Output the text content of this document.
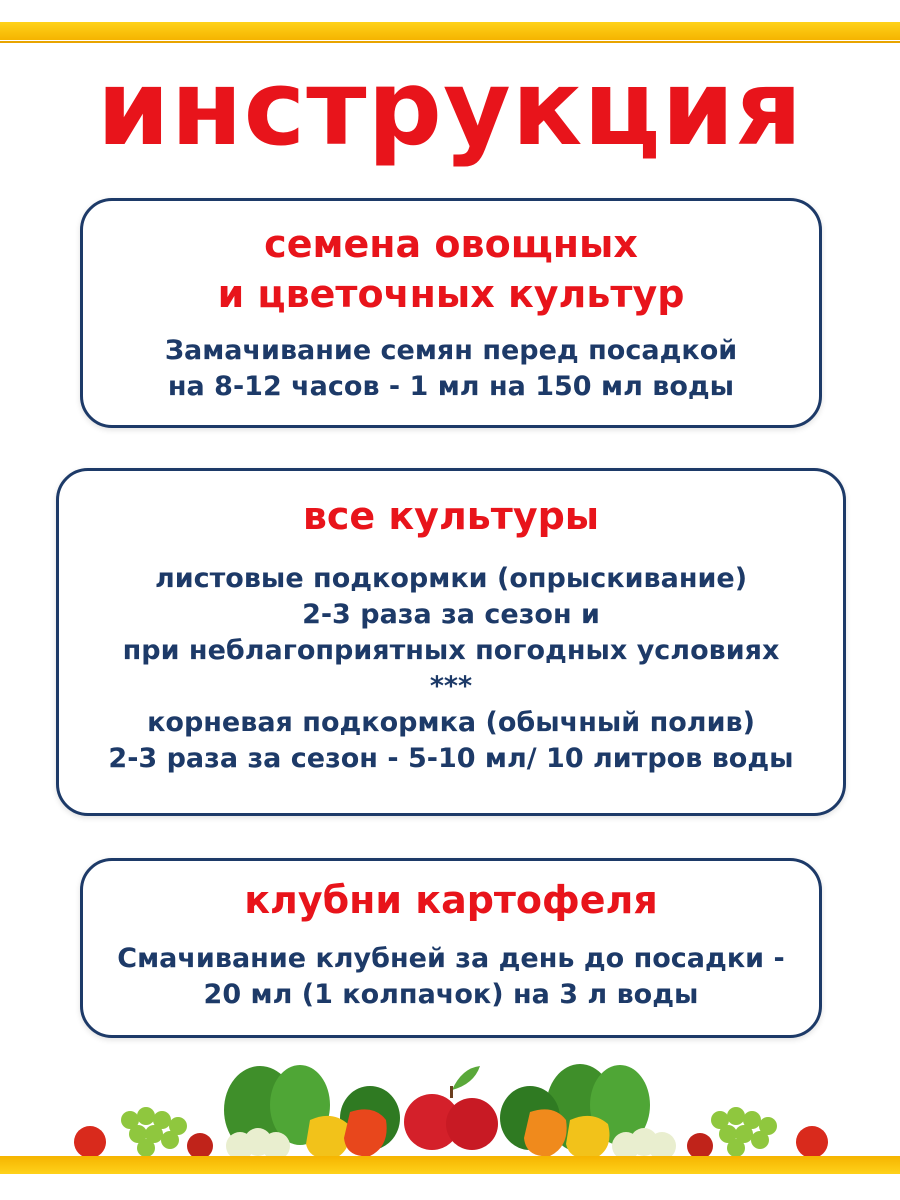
инструкция

семена овощных
и цветочных культур

Замачивание семян перед посадкой
на 8-12 часов - 1 мл на 150 мл воды

все культуры

листовые подкормки (опрыскивание)
2-3 раза за сезон и
при неблагоприятных погодных условиях
***
корневая подкормка (обычный полив)
2-3 раза за сезон - 5-10 мл/ 10 литров воды

клубни картофеля

Смачивание клубней за день до посадки -
20 мл (1 колпачок) на 3 л воды
